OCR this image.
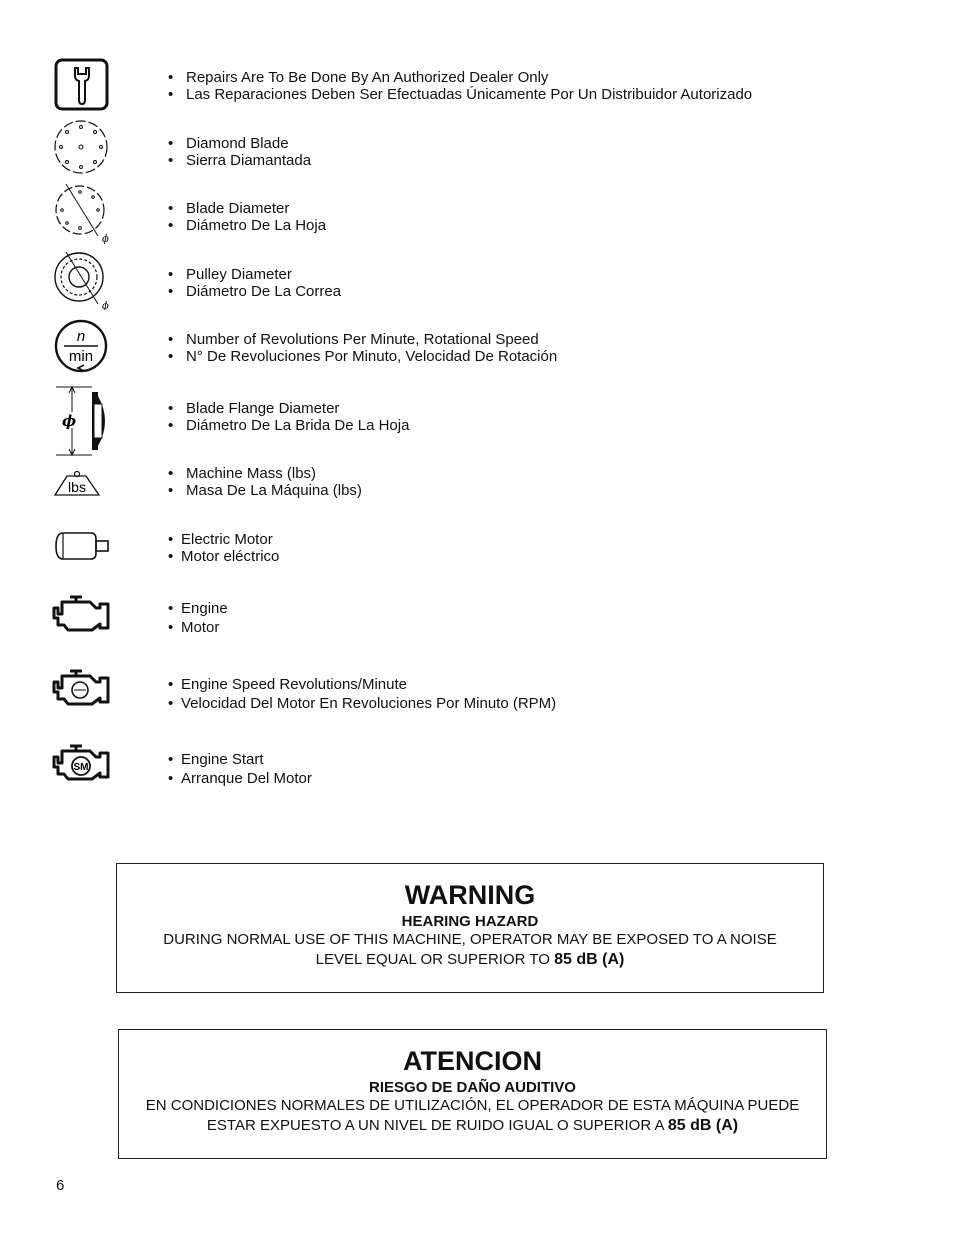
• Repairs Are To Be Done By An Authorized Dealer Only
• Las Reparaciones Deben Ser Efectuadas Únicamente Por Un Distribuidor Autorizado
• Diamond Blade
• Sierra Diamantada
ϕ
• Blade Diameter
• Diámetro De La Hoja
ϕ
• Pulley Diameter
• Diámetro De La Correa
n
min
• Number of Revolutions Per Minute, Rotational Speed
• N° De Revoluciones Por Minuto, Velocidad De Rotación
ϕ
• Blade Flange Diameter
• Diámetro De La Brida De La Hoja
lbs
• Machine Mass (lbs)
• Masa De La Máquina (lbs)
• Electric Motor
• Motor eléctrico
• Engine
• Motor
• Engine Speed Revolutions/Minute
• Velocidad Del Motor En Revoluciones Por Minuto (RPM)
SM
•	Engine Start
• Arranque Del Motor
WARNING
HEARING HAZARD
DURING NORMAL USE OF THIS MACHINE, OPERATOR MAY BE EXPOSED TO A NOISE
LEVEL EQUAL OR SUPERIOR TO 85 dB (A)
ATENCION
RIESGO DE DAÑO AUDITIVO
EN CONDICIONES NORMALES DE UTILIZACIÓN, EL OPERADOR DE ESTA MÁQUINA PUEDE
ESTAR EXPUESTO A UN NIVEL DE RUIDO IGUAL O SUPERIOR A 85 dB (A)
6
